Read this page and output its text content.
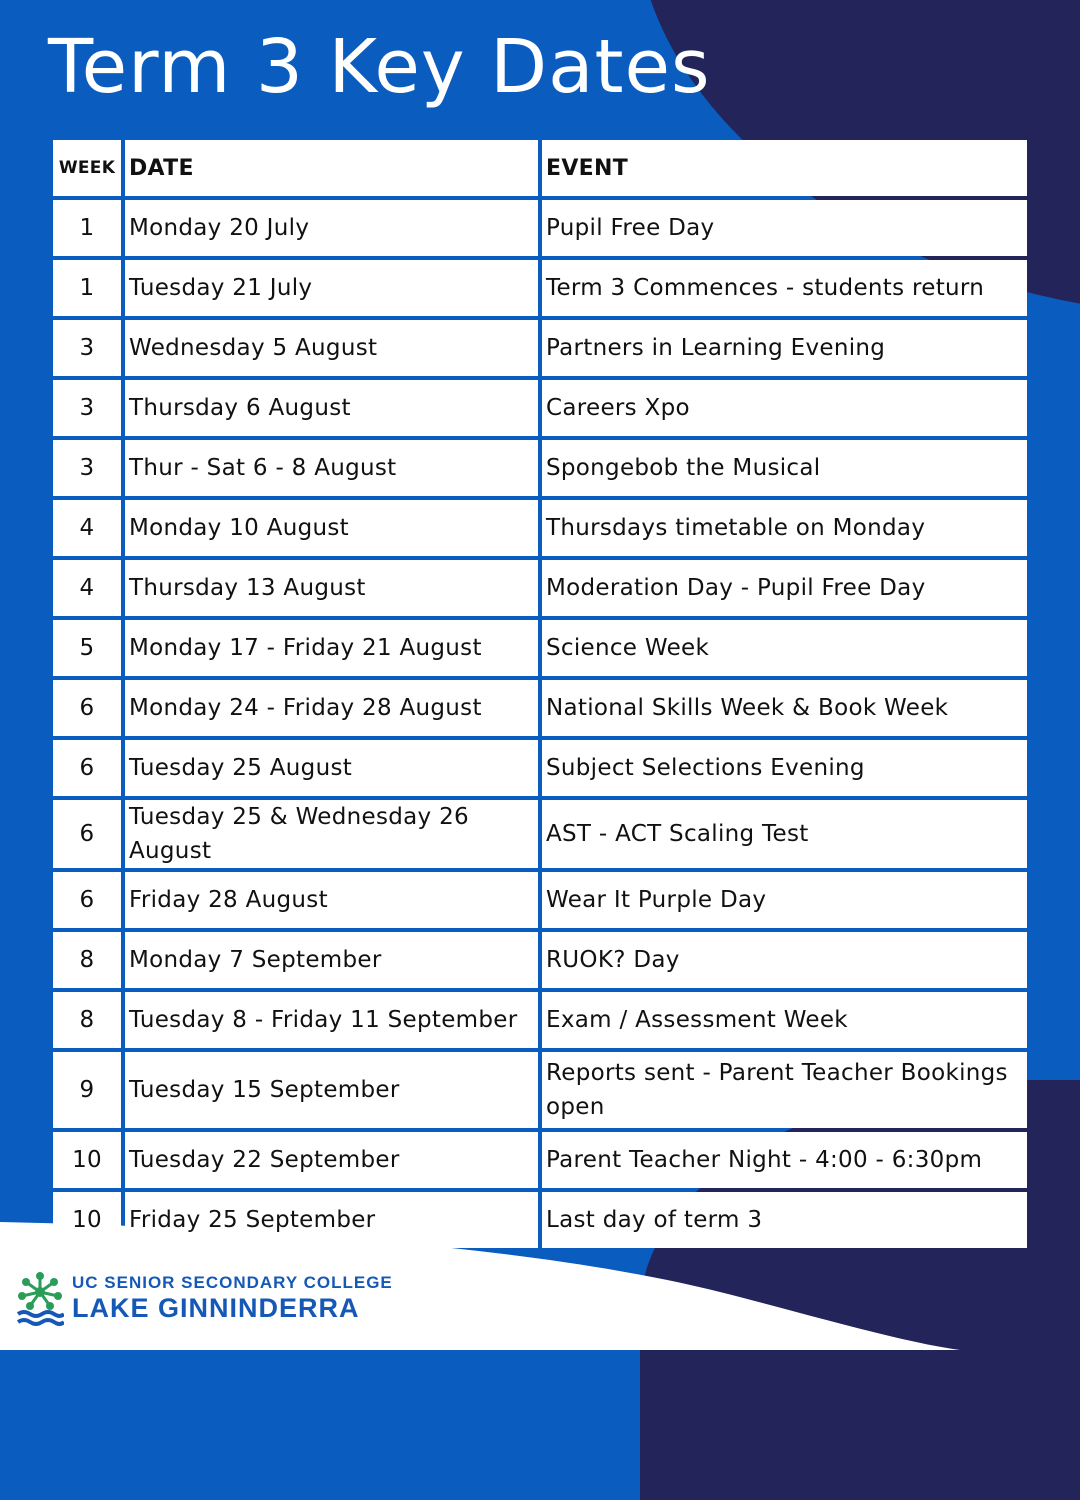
Term 3 Key Dates
WEEK	DATE	EVENT
1	Monday 20 July	Pupil Free Day
1	Tuesday 21 July	Term 3 Commences - students return
3	Wednesday 5 August	Partners in Learning Evening
3	Thursday 6 August	Careers Xpo
3	Thur - Sat 6 - 8 August	Spongebob the Musical
4	Monday 10 August	Thursdays timetable on Monday
4	Thursday 13 August	Moderation Day - Pupil Free Day
5	Monday 17 - Friday 21 August	Science Week
6	Monday 24 - Friday 28 August	National Skills Week & Book Week
6	Tuesday 25 August	Subject Selections Evening
6	Tuesday 25 & Wednesday 26 August	AST - ACT Scaling Test
6	Friday 28 August	Wear It Purple Day
8	Monday 7 September	RUOK? Day
8	Tuesday 8 - Friday 11 September	Exam / Assessment Week
9	Tuesday 15 September	Reports sent - Parent Teacher Bookings open
10	Tuesday 22 September	Parent Teacher Night - 4:00 - 6:30pm
10	Friday 25 September	Last day of term 3
UC SENIOR SECONDARY COLLEGE
LAKE GINNINDERRA
